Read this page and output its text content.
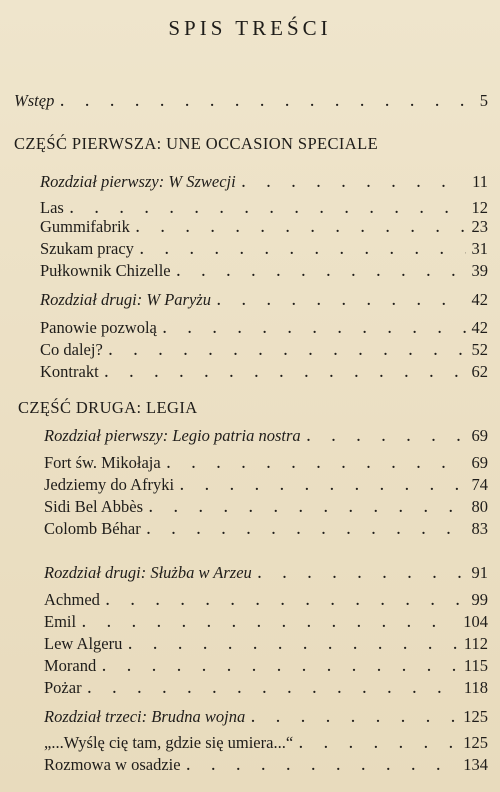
SPIS TREŚCI
Wstęp . . .	5
CZĘŚĆ PIERWSZA: UNE OCCASION SPECIALE
Rozdział pierwszy: W Szwecji . . .	11
Las . . .	12
Gummifabrik . . .	23
Szukam pracy . . .	31
Pułkownik Chizelle . . .	39
Rozdział drugi: W Paryżu . . .	42
Panowie pozwolą . . .	42
Co dalej? . . .	52
Kontrakt . . .	62
CZĘŚĆ DRUGA: LEGIA
Rozdział pierwszy: Legio patria nostra . . .	69
Fort św. Mikołaja . . .	69
Jedziemy do Afryki . . .	74
Sidi Bel Abbès . . .	80
Colomb Béhar . . .	83
Rozdział drugi: Służba w Arzeu . . .	91
Achmed . . .	99
Emil . . .	104
Lew Algeru . . .	112
Morand . . .	115
Pożar . . .	118
Rozdział trzeci: Brudna wojna . . .	125
„...Wyślę cię tam, gdzie się umiera...“ . . .	125
Rozmowa w osadzie . . .	134
